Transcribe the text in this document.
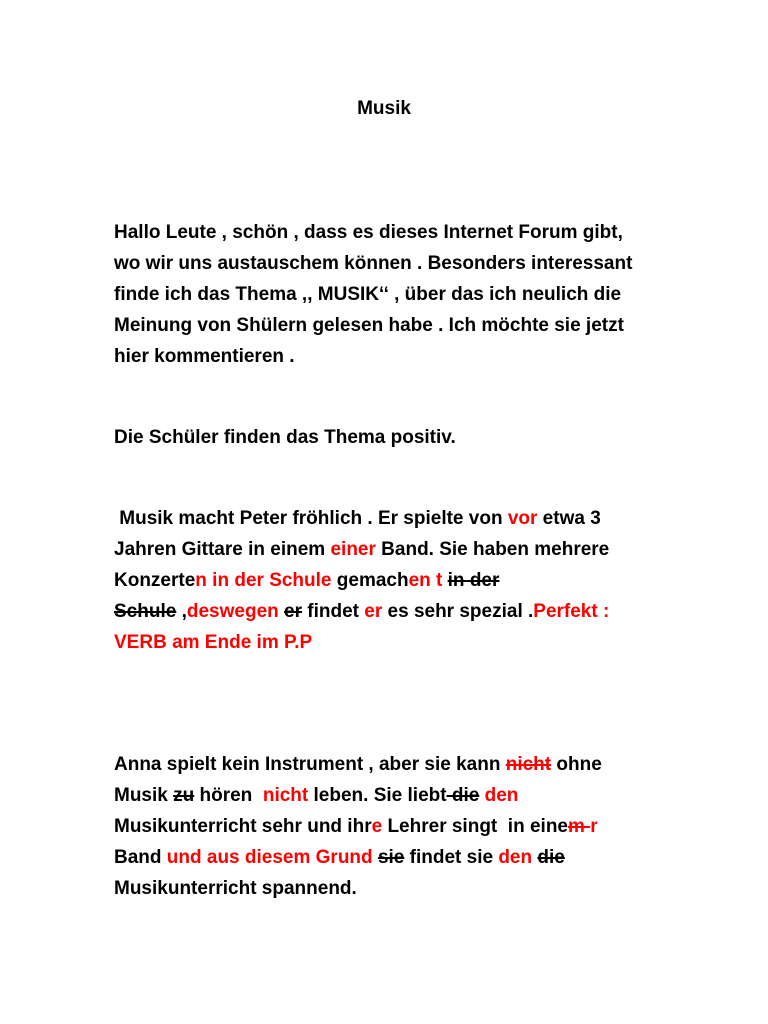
Musik
Hallo Leute , schön , dass es dieses Internet Forum gibt,
wo wir uns austauschem können . Besonders interessant
finde ich das Thema ,, MUSIK‘‘ , über das ich neulich die
Meinung von Shülern gelesen habe . Ich möchte sie jetzt
hier kommentieren .
Die Schüler finden das Thema positiv.
Musik macht Peter fröhlich . Er spielte von vor etwa 3
Jahren Gittare in einem einer Band. Sie haben mehrere
Konzerten in der Schule gemachen t in der
Schule ,deswegen er findet er es sehr spezial .Perfekt :
VERB am Ende im P.P
Anna spielt kein Instrument , aber sie kann nicht ohne
Musik zu hören  nicht leben. Sie liebt die den
Musikunterricht sehr und ihre Lehrer singt  in einem r
Band und aus diesem Grund sie findet sie den die
Musikunterricht spannend.
